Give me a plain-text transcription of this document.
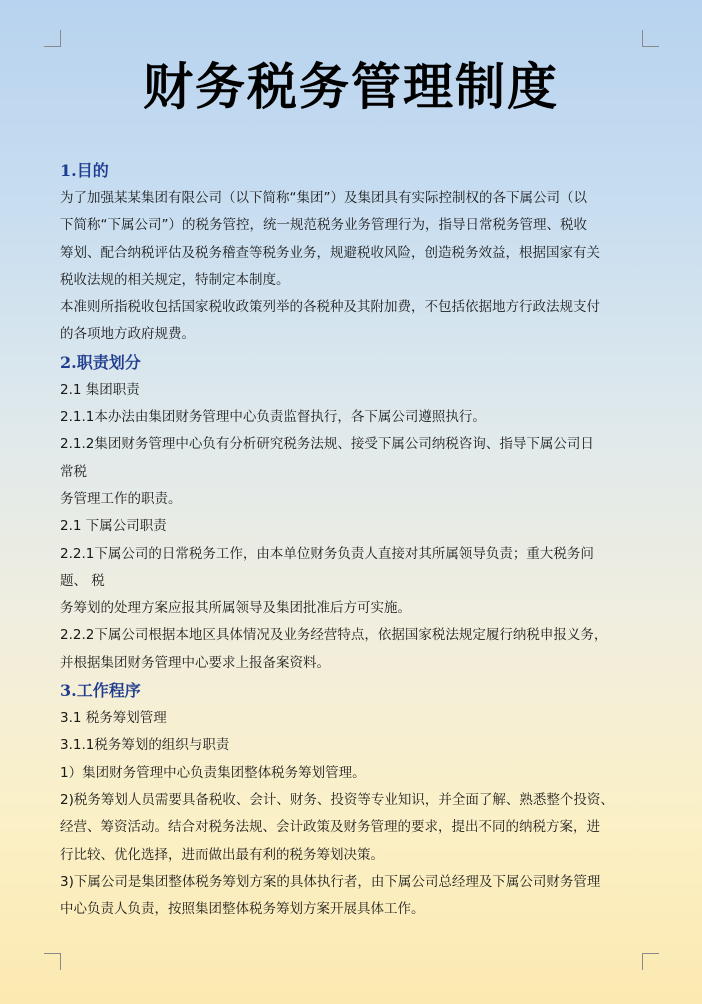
财务税务管理制度
1.目的
为了加强某某集团有限公司（以下简称“集团”）及集团具有实际控制权的各下属公司（以
下简称“下属公司”）的税务管控，统一规范税务业务管理行为，指导日常税务管理、税收
筹划、配合纳税评估及税务稽查等税务业务，规避税收风险，创造税务效益，根据国家有关
税收法规的相关规定，特制定本制度。
本准则所指税收包括国家税收政策列举的各税种及其附加费，不包括依据地方行政法规支付
的各项地方政府规费。
2.职责划分
2.1 集团职责
2.1.1本办法由集团财务管理中心负责监督执行，各下属公司遵照执行。
2.1.2集团财务管理中心负有分析研究税务法规、接受下属公司纳税咨询、指导下属公司日
常税
务管理工作的职责。
2.1 下属公司职责
2.2.1下属公司的日常税务工作，由本单位财务负责人直接对其所属领导负责；重大税务问
题、 税
务筹划的处理方案应报其所属领导及集团批准后方可实施。
2.2.2下属公司根据本地区具体情况及业务经营特点，依据国家税法规定履行纳税申报义务，
并根据集团财务管理中心要求上报备案资料。
3.工作程序
3.1 税务筹划管理
3.1.1税务筹划的组织与职责
1）集团财务管理中心负责集团整体税务筹划管理。
2)税务筹划人员需要具备税收、会计、财务、投资等专业知识，并全面了解、熟悉整个投资、
经营、筹资活动。结合对税务法规、会计政策及财务管理的要求，提出不同的纳税方案，进
行比较、优化选择，进而做出最有利的税务筹划决策。
3)下属公司是集团整体税务筹划方案的具体执行者，由下属公司总经理及下属公司财务管理
中心负责人负责，按照集团整体税务筹划方案开展具体工作。
